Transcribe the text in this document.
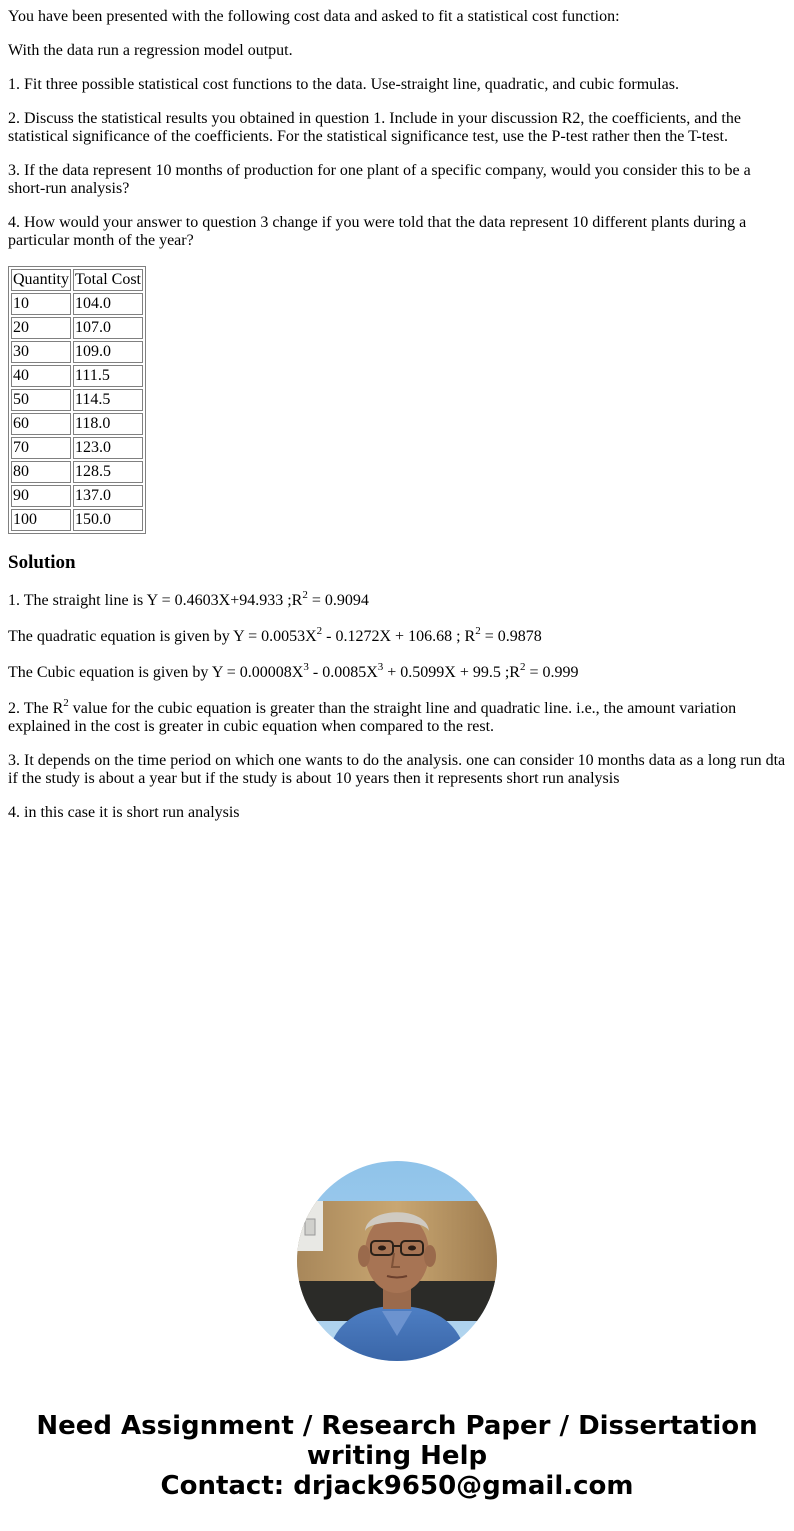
You have been presented with the following cost data and asked to fit a statistical cost function:

With the data run a regression model output.

1. Fit three possible statistical cost functions to the data. Use-straight line, quadratic, and cubic formulas.

2. Discuss the statistical results you obtained in question 1. Include in your discussion R2, the coefficients, and the statistical significance of the coefficients. For the statistical significance test, use the P-test rather then the T-test.

3. If the data represent 10 months of production for one plant of a specific company, would you consider this to be a short-run analysis?

4. How would your answer to question 3 change if you were told that the data represent 10 different plants during a particular month of the year?

Quantity	Total Cost
10	104.0
20	107.0
30	109.0
40	111.5
50	114.5
60	118.0
70	123.0
80	128.5
90	137.0
100	150.0
Solution

1. The straight line is Y = 0.4603X+94.933 $;R^2 = 0.9094$

The quadratic equation is given by $Y = 0.0053X^2 - 0.1272X + 106.68$ ; $R^2 = 0.9878$

The Cubic equation is given by $Y = 0.00008X^3 - 0.0085X^3 + 0.5099X + 99.5$ $;R^2 = 0.999$

2. The $R^2$ value for the cubic equation is greater than the straight line and quadratic line. i.e., the amount variation explained in the cost is greater in cubic equation when compared to the rest.

3. It depends on the time period on which one wants to do the analysis. one can consider 10 months data as a long run dta if the study is about a year but if the study is about 10 years then it represents short run analysis

4. in this case it is short run analysis

Need Assignment / Research Paper / Dissertation
writing Help
Contact: drjack9650@gmail.com
